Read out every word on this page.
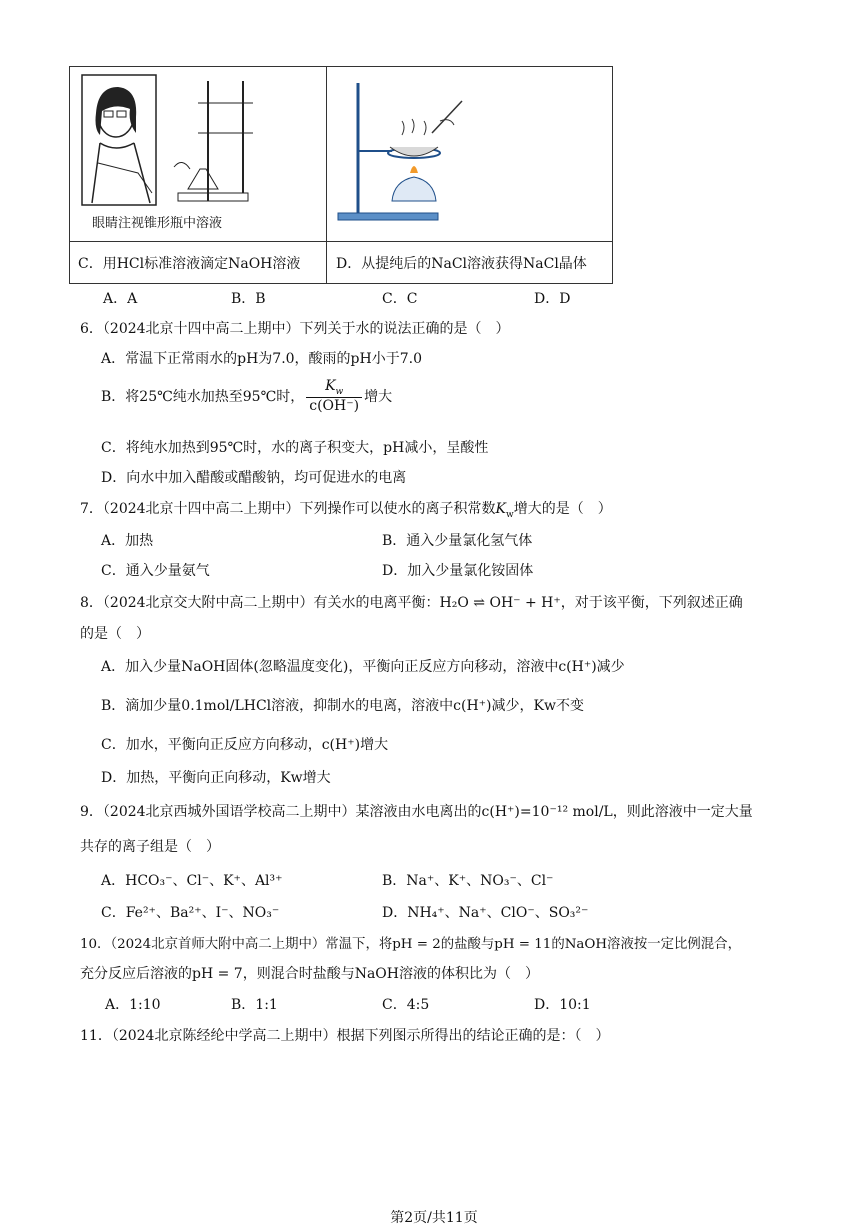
眼睛注视锥形瓶中溶液
C．用HCl标准溶液滴定NaOH溶液	D．从提纯后的NaCl溶液获得NaCl晶体
A．A	B．B	C．C	D．D
6．（2024北京十四中高二上期中）下列关于水的说法正确的是（　）
A．常温下正常雨水的pH为7.0，酸雨的pH小于7.0
B．将25℃纯水加热至95℃时， $\frac{K_w}{c(OH^-)}$ 增大
C．将纯水加热到95℃时，水的离子积变大，pH减小，呈酸性
D．向水中加入醋酸或醋酸钠，均可促进水的电离
7．（2024北京十四中高二上期中）下列操作可以使水的离子积常数$K_w$增大的是（　）
A．加热	B．通入少量氯化氢气体
C．通入少量氨气	D．加入少量氯化铵固体
8．（2024北京交大附中高二上期中）有关水的电离平衡：H₂O ⇌ OH⁻ + H⁺，对于该平衡，下列叙述正确
的是（　）
A．加入少量NaOH固体(忽略温度变化)，平衡向正反应方向移动，溶液中c(H⁺)减少
B．滴加少量0.1mol/LHCl溶液，抑制水的电离，溶液中c(H⁺)减少，Kw不变
C．加水，平衡向正反应方向移动，c(H⁺)增大
D．加热，平衡向正向移动，Kw增大
9．（2024北京西城外国语学校高二上期中）某溶液由水电离出的c(H⁺)=10⁻¹² mol/L，则此溶液中一定大量
共存的离子组是（　）
A．HCO₃⁻、Cl⁻、K⁺、Al³⁺	B．Na⁺、K⁺、NO₃⁻、Cl⁻
C．Fe²⁺、Ba²⁺、I⁻、NO₃⁻	D．NH₄⁺、Na⁺、ClO⁻、SO₃²⁻
10．（2024北京首师大附中高二上期中）常温下，将pH = 2的盐酸与pH = 11的NaOH溶液按一定比例混合，
充分反应后溶液的pH = 7，则混合时盐酸与NaOH溶液的体积比为（　）
A．1:10	B．1:1	C．4:5	D．10:1
11．（2024北京陈经纶中学高二上期中）根据下列图示所得出的结论正确的是：（　）
第2页/共11页
